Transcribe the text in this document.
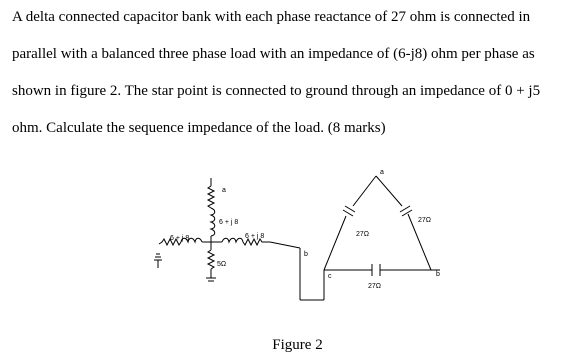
A delta connected capacitor bank with each phase reactance of 27 ohm is connected in
parallel with a balanced three phase load with an impedance of (6-j8) ohm per phase as
shown in figure 2. The star point is connected to ground through an impedance of 0 + j5
ohm. Calculate the sequence impedance of the load. (8 marks)
a
6 + j 8
6 + j 8	6 + j 8
5Ω
b
c
a
b
27Ω
27Ω
27Ω
Figure 2
